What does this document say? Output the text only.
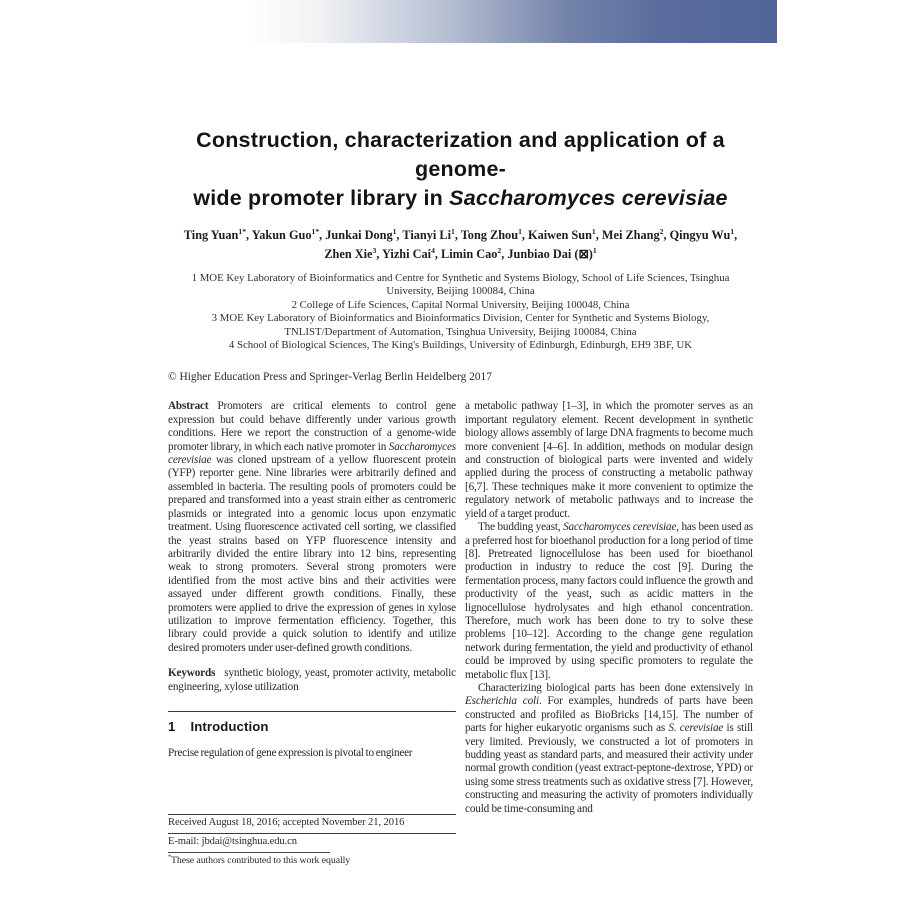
Construction, characterization and application of a genome-
wide promoter library in Saccharomyces cerevisiae

Ting Yuan$^{1*}$, Yakun Guo$^{1*}$, Junkai Dong$^1$, Tianyi Li$^1$, Tong Zhou$^1$, Kaiwen Sun$^1$, Mei Zhang$^2$, Qingyu Wu$^1$,
Zhen Xie$^3$, Yizhi Cai$^4$, Limin Cao$^2$, Junbiao Dai (⊠)$^1$

1 MOE Key Laboratory of Bioinformatics and Centre for Synthetic and Systems Biology, School of Life Sciences, Tsinghua University, Beijing 100084, China

2 College of Life Sciences, Capital Normal University, Beijing 100048, China

3 MOE Key Laboratory of Bioinformatics and Bioinformatics Division, Center for Synthetic and Systems Biology, TNLIST/Department of Automation, Tsinghua University, Beijing 100084, China

4 School of Biological Sciences, The King's Buildings, University of Edinburgh, Edinburgh, EH9 3BF, UK

© Higher Education Press and Springer-Verlag Berlin Heidelberg 2017

Abstract Promoters are critical elements to control gene expression but could behave differently under various growth conditions. Here we report the construction of a genome-wide promoter library, in which each native promoter in Saccharomyces cerevisiae was cloned upstream of a yellow fluorescent protein (YFP) reporter gene. Nine libraries were arbitrarily defined and assembled in bacteria. The resulting pools of promoters could be prepared and transformed into a yeast strain either as centromeric plasmids or integrated into a genomic locus upon enzymatic treatment. Using fluorescence activated cell sorting, we classified the yeast strains based on YFP fluorescence intensity and arbitrarily divided the entire library into 12 bins, representing weak to strong promoters. Several strong promoters were identified from the most active bins and their activities were assayed under different growth conditions. Finally, these promoters were applied to drive the expression of genes in xylose utilization to improve fermentation efficiency. Together, this library could provide a quick solution to identify and utilize desired promoters under user-defined growth conditions.

Keywords synthetic biology, yeast, promoter activity, metabolic engineering, xylose utilization

1 Introduction

Precise regulation of gene expression is pivotal to engineer

Received August 18, 2016; accepted November 21, 2016

E-mail: jbdai@tsinghua.edu.cn

*These authors contributed to this work equally

a metabolic pathway [1–3], in which the promoter serves as an important regulatory element. Recent development in synthetic biology allows assembly of large DNA fragments to become much more convenient [4–6]. In addition, methods on modular design and construction of biological parts were invented and widely applied during the process of constructing a metabolic pathway [6,7]. These techniques make it more convenient to optimize the regulatory network of metabolic pathways and to increase the yield of a target product.

The budding yeast, Saccharomyces cerevisiae, has been used as a preferred host for bioethanol production for a long period of time [8]. Pretreated lignocellulose has been used for bioethanol production in industry to reduce the cost [9]. During the fermentation process, many factors could influence the growth and productivity of the yeast, such as acidic matters in the lignocellulose hydrolysates and high ethanol concentration. Therefore, much work has been done to try to solve these problems [10–12]. According to the change gene regulation network during fermentation, the yield and productivity of ethanol could be improved by using specific promoters to regulate the metabolic flux [13].

Characterizing biological parts has been done extensively in Escherichia coli. For examples, hundreds of parts have been constructed and profiled as BioBricks [14,15]. The number of parts for higher eukaryotic organisms such as S. cerevisiae is still very limited. Previously, we constructed a lot of promoters in budding yeast as standard parts, and measured their activity under normal growth condition (yeast extract-peptone-dextrose, YPD) or using some stress treatments such as oxidative stress [7]. However, constructing and measuring the activity of promoters individually could be time-consuming and
